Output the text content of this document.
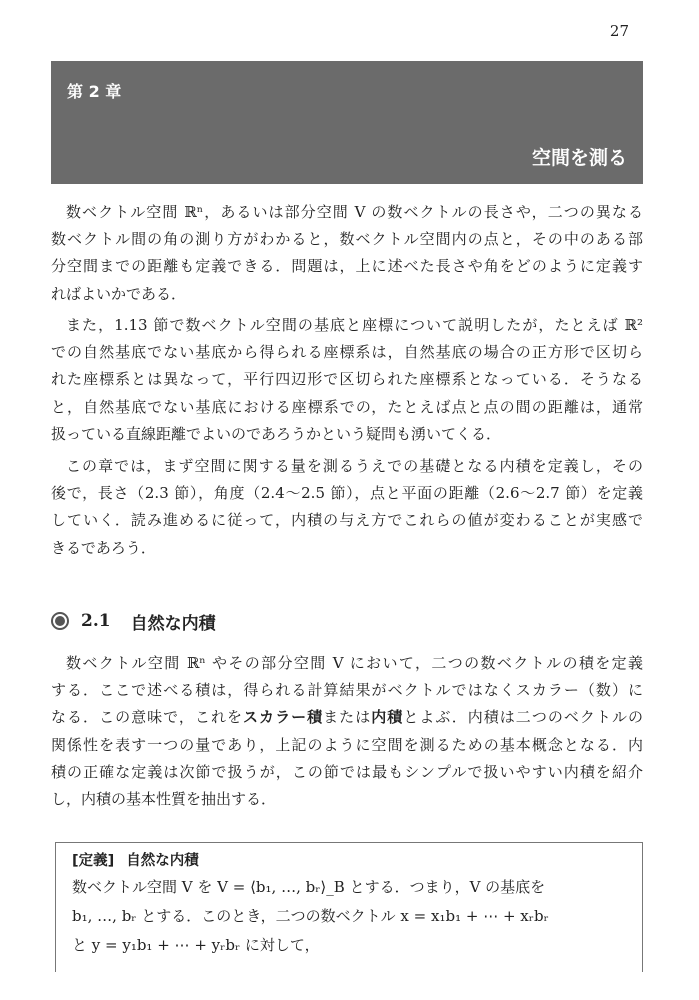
27
第 2 章
空間を測る
数ベクトル空間 ℝⁿ，あるいは部分空間 V の数ベクトルの長さや，二つの異なる
数ベクトル間の角の測り方がわかると，数ベクトル空間内の点と，その中のある部
分空間までの距離も定義できる．問題は，上に述べた長さや角をどのように定義す
ればよいかである．
また，1.13 節で数ベクトル空間の基底と座標について説明したが，たとえば ℝ²
での自然基底でない基底から得られる座標系は，自然基底の場合の正方形で区切ら
れた座標系とは異なって，平行四辺形で区切られた座標系となっている．そうなる
と，自然基底でない基底における座標系での，たとえば点と点の間の距離は，通常
扱っている直線距離でよいのであろうかという疑問も湧いてくる．
この章では，まず空間に関する量を測るうえでの基礎となる内積を定義し，その
後で，長さ（2.3 節），角度（2.4～2.5 節），点と平面の距離（2.6～2.7 節）を定義
していく．読み進めるに従って，内積の与え方でこれらの値が変わることが実感で
きるであろう．
2.1 自然な内積
数ベクトル空間 ℝⁿ やその部分空間 V において，二つの数ベクトルの積を定義
する．ここで述べる積は，得られる計算結果がベクトルではなくスカラー（数）に
なる．この意味で，これをスカラー積または内積とよぶ．内積は二つのベクトルの
関係性を表す一つの量であり，上記のように空間を測るための基本概念となる．内
積の正確な定義は次節で扱うが，この節では最もシンプルで扱いやすい内積を紹介
し，内積の基本性質を抽出する．
[定義] 自然な内積
数ベクトル空間 V を V = ⟨b₁, …, bᵣ⟩_B とする．つまり，V の基底を
b₁, …, bᵣ とする．このとき，二つの数ベクトル x = x₁b₁ + ⋯ + xᵣbᵣ
と y = y₁b₁ + ⋯ + yᵣbᵣ に対して，
